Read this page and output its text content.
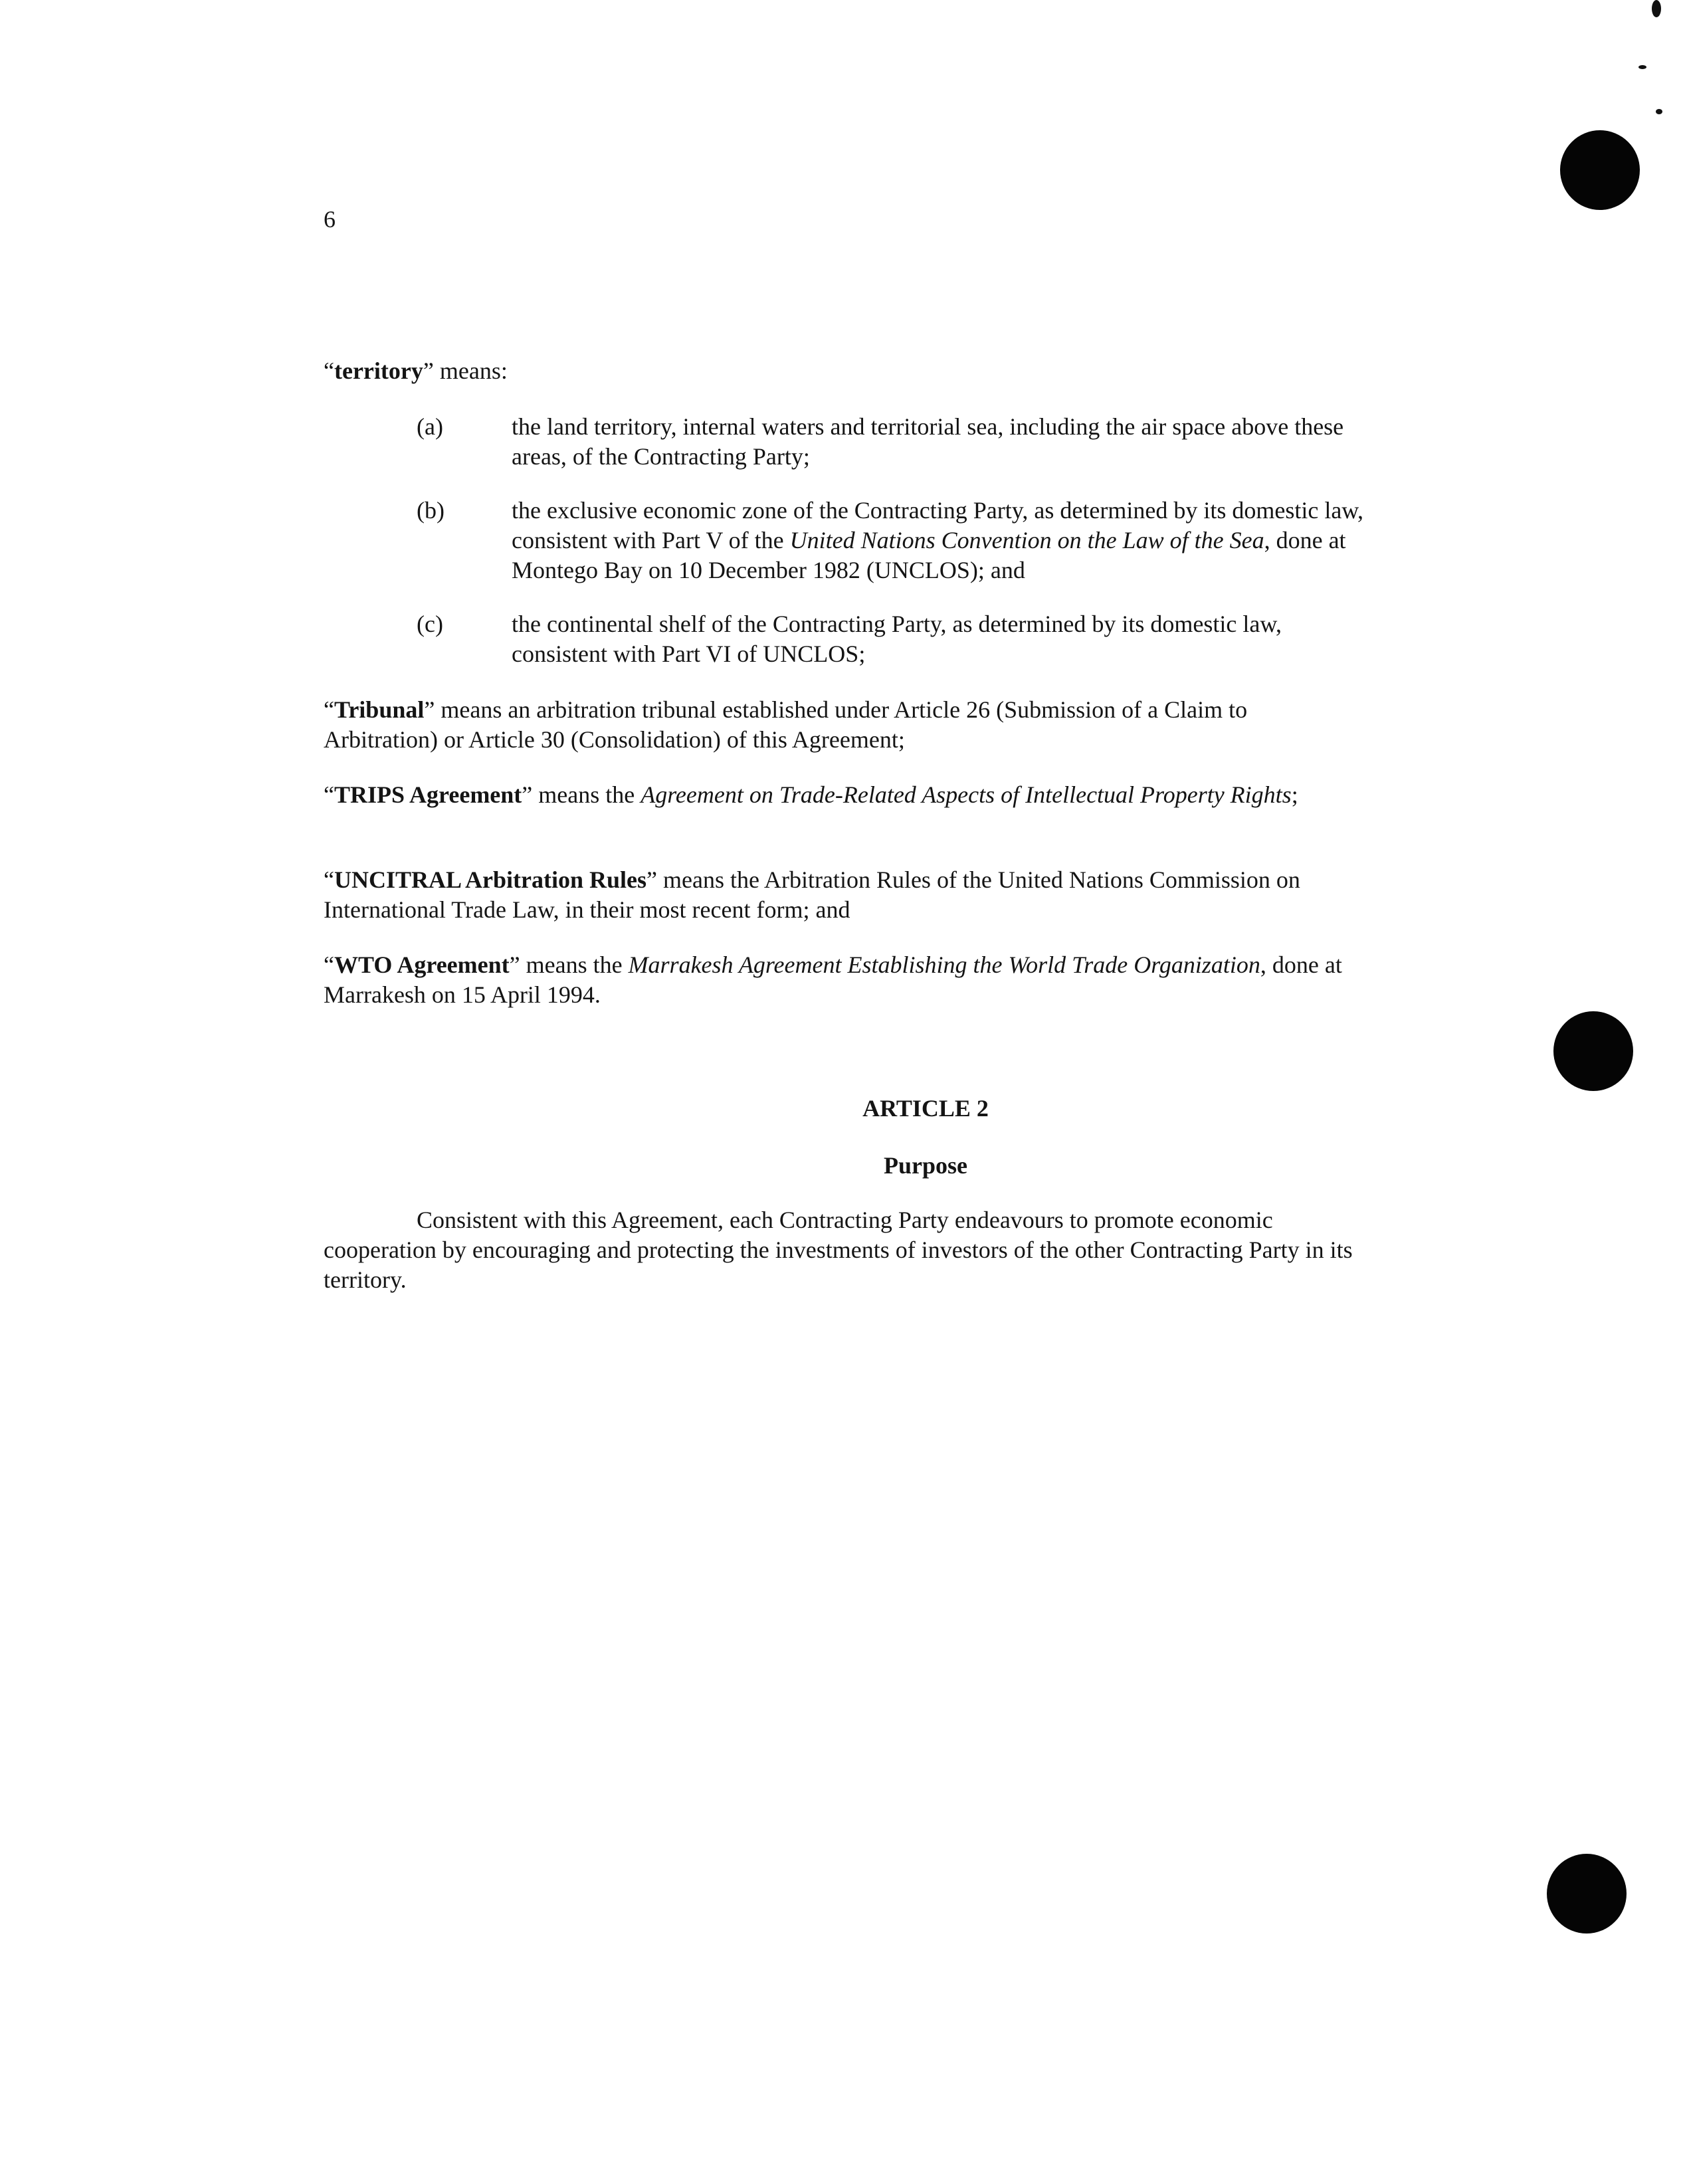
6
“territory” means:
(a)	the land territory, internal waters and territorial sea, including the air space above these areas, of the Contracting Party;
(b)	the exclusive economic zone of the Contracting Party, as determined by its domestic law, consistent with Part V of the United Nations Convention on the Law of the Sea, done at Montego Bay on 10 December 1982 (UNCLOS); and
(c)	the continental shelf of the Contracting Party, as determined by its domestic law, consistent with Part VI of UNCLOS;
“Tribunal” means an arbitration tribunal established under Article 26 (Submission of a Claim to Arbitration) or Article 30 (Consolidation) of this Agreement;
“TRIPS Agreement” means the Agreement on Trade-Related Aspects of Intellectual Property Rights;
“UNCITRAL Arbitration Rules” means the Arbitration Rules of the United Nations Commission on International Trade Law, in their most recent form; and
“WTO Agreement” means the Marrakesh Agreement Establishing the World Trade Organization, done at Marrakesh on 15 April 1994.
ARTICLE 2
Purpose
Consistent with this Agreement, each Contracting Party endeavours to promote economic cooperation by encouraging and protecting the investments of investors of the other Contracting Party in its territory.
